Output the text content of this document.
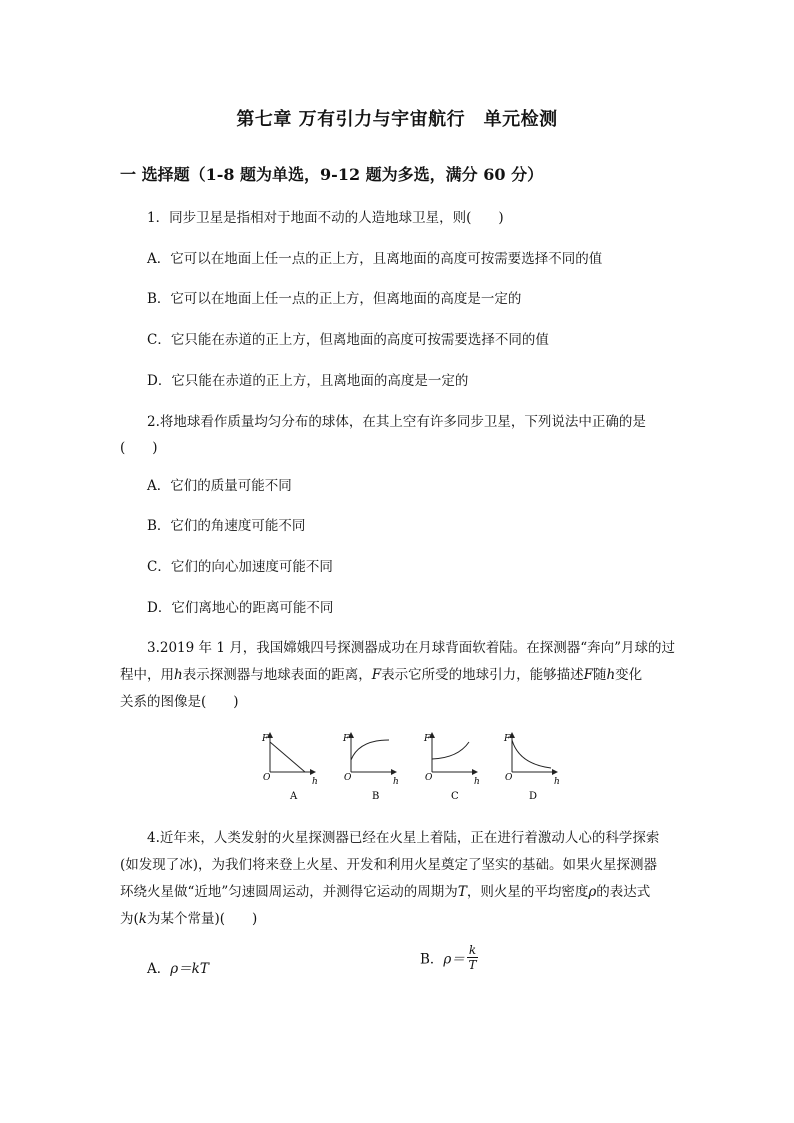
第七章 万有引力与宇宙航行　单元检测
一 选择题（1-8 题为单选，9-12 题为多选，满分 60 分）
1．同步卫星是指相对于地面不动的人造地球卫星，则(　　)
A．它可以在地面上任一点的正上方，且离地面的高度可按需要选择不同的值
B．它可以在地面上任一点的正上方，但离地面的高度是一定的
C．它只能在赤道的正上方，但离地面的高度可按需要选择不同的值
D．它只能在赤道的正上方，且离地面的高度是一定的
2.将地球看作质量均匀分布的球体，在其上空有许多同步卫星，下列说法中正确的是
(　　)
A．它们的质量可能不同
B．它们的角速度可能不同
C．它们的向心加速度可能不同
D．它们离地心的距离可能不同
3.2019 年 1 月，我国嫦娥四号探测器成功在月球背面软着陆。在探测器“奔向”月球的过
程中，用h表示探测器与地球表面的距离，F表示它所受的地球引力，能够描述F随h变化
关系的图像是(　　)
F
O	h
A
F
O	h
B
F
O	h
C
F
O	h
D
4.近年来，人类发射的火星探测器已经在火星上着陆，正在进行着激动人心的科学探索
(如发现了冰)，为我们将来登上火星、开发和利用火星奠定了坚实的基础。如果火星探测器
环绕火星做“近地”匀速圆周运动，并测得它运动的周期为T，则火星的平均密度ρ的表达式
为(k为某个常量)(　　)
A．ρ＝kT
B．$\rho= \frac{k}{T}$
